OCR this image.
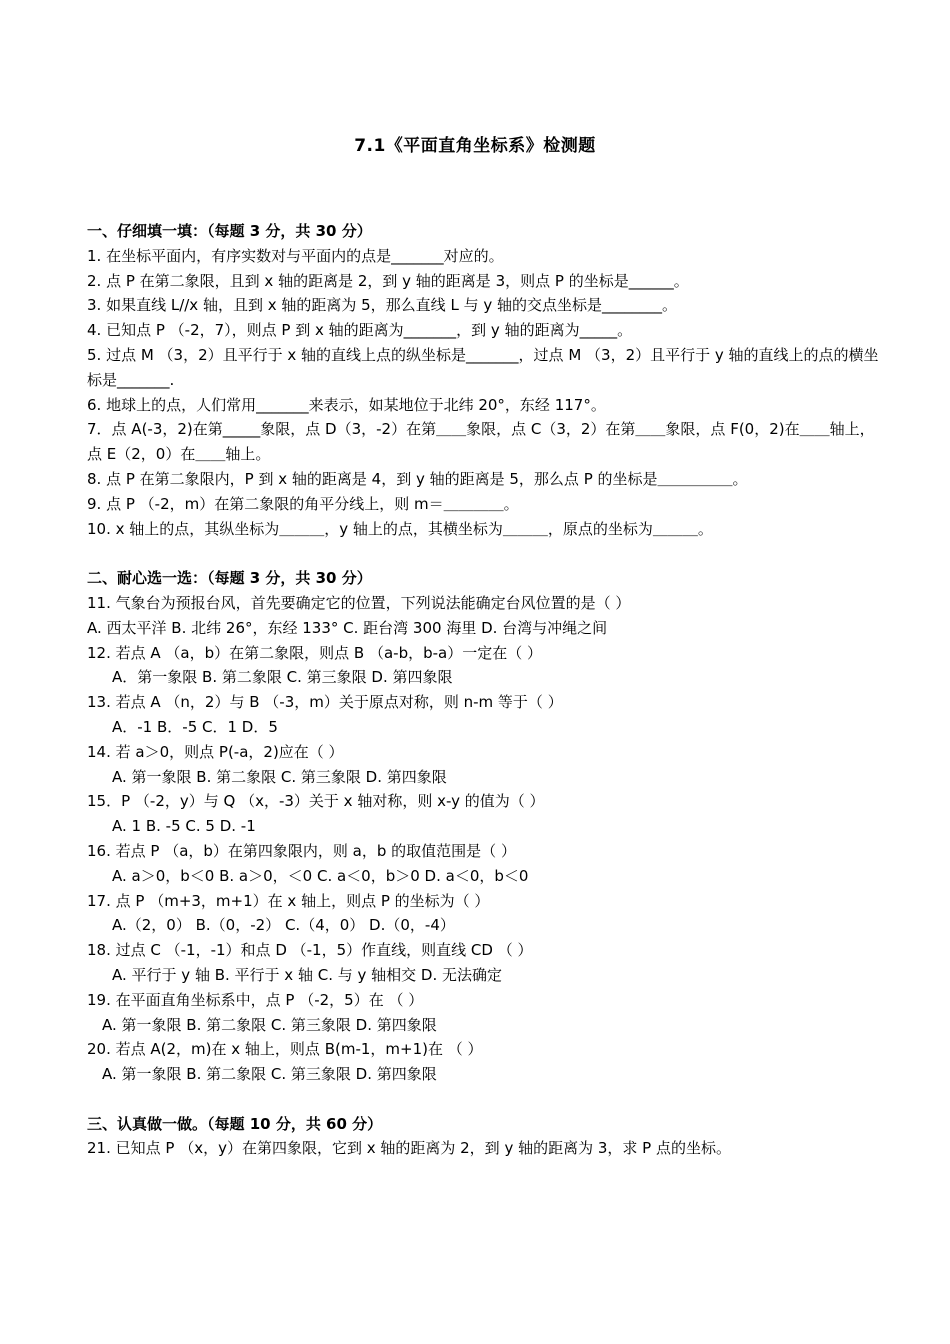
7.1《平面直角坐标系》检测题
一、仔细填一填：（每题 3 分，共 30 分）
1. 在坐标平面内，有序实数对与平面内的点是_______对应的。
2. 点 P 在第二象限，且到 x 轴的距离是 2，到 y 轴的距离是 3，则点 P 的坐标是______。
3. 如果直线 L//x 轴，且到 x 轴的距离为 5，那么直线 L 与 y 轴的交点坐标是________。
4. 已知点 P （-2，7），则点 P 到 x 轴的距离为_______，到 y 轴的距离为_____。
5. 过点 M （3，2）且平行于 x 轴的直线上点的纵坐标是_______，过点 M （3，2）且平行于 y 轴的直线上的点的横坐标是_______.
6. 地球上的点，人们常用_______来表示，如某地位于北纬 20°，东经 117°。
7．点 A(-3，2)在第_____象限，点 D（3，-2）在第＿＿象限，点 C（3，2）在第＿＿象限，点 F(0，2)在＿＿轴上，点 E（2，0）在＿＿轴上。
8. 点 P 在第二象限内，P 到 x 轴的距离是 4，到 y 轴的距离是 5，那么点 P 的坐标是＿＿＿＿＿。
9. 点 P （-2，m）在第二象限的角平分线上，则 m＝＿＿＿＿。
10. x 轴上的点，其纵坐标为＿＿＿，y 轴上的点，其横坐标为＿＿＿，原点的坐标为＿＿＿。
二、耐心选一选：（每题 3 分，共 30 分）
11. 气象台为预报台风，首先要确定它的位置，下列说法能确定台风位置的是（ ）
A. 西太平洋 B. 北纬 26°，东经 133° C. 距台湾 300 海里 D. 台湾与冲绳之间
12. 若点 A （a，b）在第二象限，则点 B （a-b，b-a）一定在（ ）
A．第一象限 B. 第二象限 C. 第三象限 D. 第四象限
13. 若点 A （n，2）与 B （-3，m）关于原点对称，则 n-m 等于（ ）
A．-1 B．-5 C．1 D．5
14. 若 a＞0，则点 P(-a，2)应在（ ）
A. 第一象限 B. 第二象限 C. 第三象限 D. 第四象限
15．P （-2，y）与 Q （x，-3）关于 x 轴对称，则 x-y 的值为（ ）
A. 1 B. -5 C. 5 D. -1
16. 若点 P （a，b）在第四象限内，则 a，b 的取值范围是（ ）
A. a＞0，b＜0 B. a＞0，＜0 C. a＜0，b＞0 D. a＜0，b＜0
17. 点 P （m+3，m+1）在 x 轴上，则点 P 的坐标为（ ）
A.（2，0） B.（0，-2） C.（4，0） D.（0，-4）
18. 过点 C （-1，-1）和点 D （-1，5）作直线，则直线 CD （ ）
A. 平行于 y 轴 B. 平行于 x 轴 C. 与 y 轴相交 D. 无法确定
19. 在平面直角坐标系中，点 P （-2，5）在 （ ）
A. 第一象限 B. 第二象限 C. 第三象限 D. 第四象限
20. 若点 A(2，m)在 x 轴上，则点 B(m-1，m+1)在 （ ）
A. 第一象限 B. 第二象限 C. 第三象限 D. 第四象限
三、认真做一做。（每题 10 分，共 60 分）
21. 已知点 P （x，y）在第四象限，它到 x 轴的距离为 2，到 y 轴的距离为 3，求 P 点的坐标。
